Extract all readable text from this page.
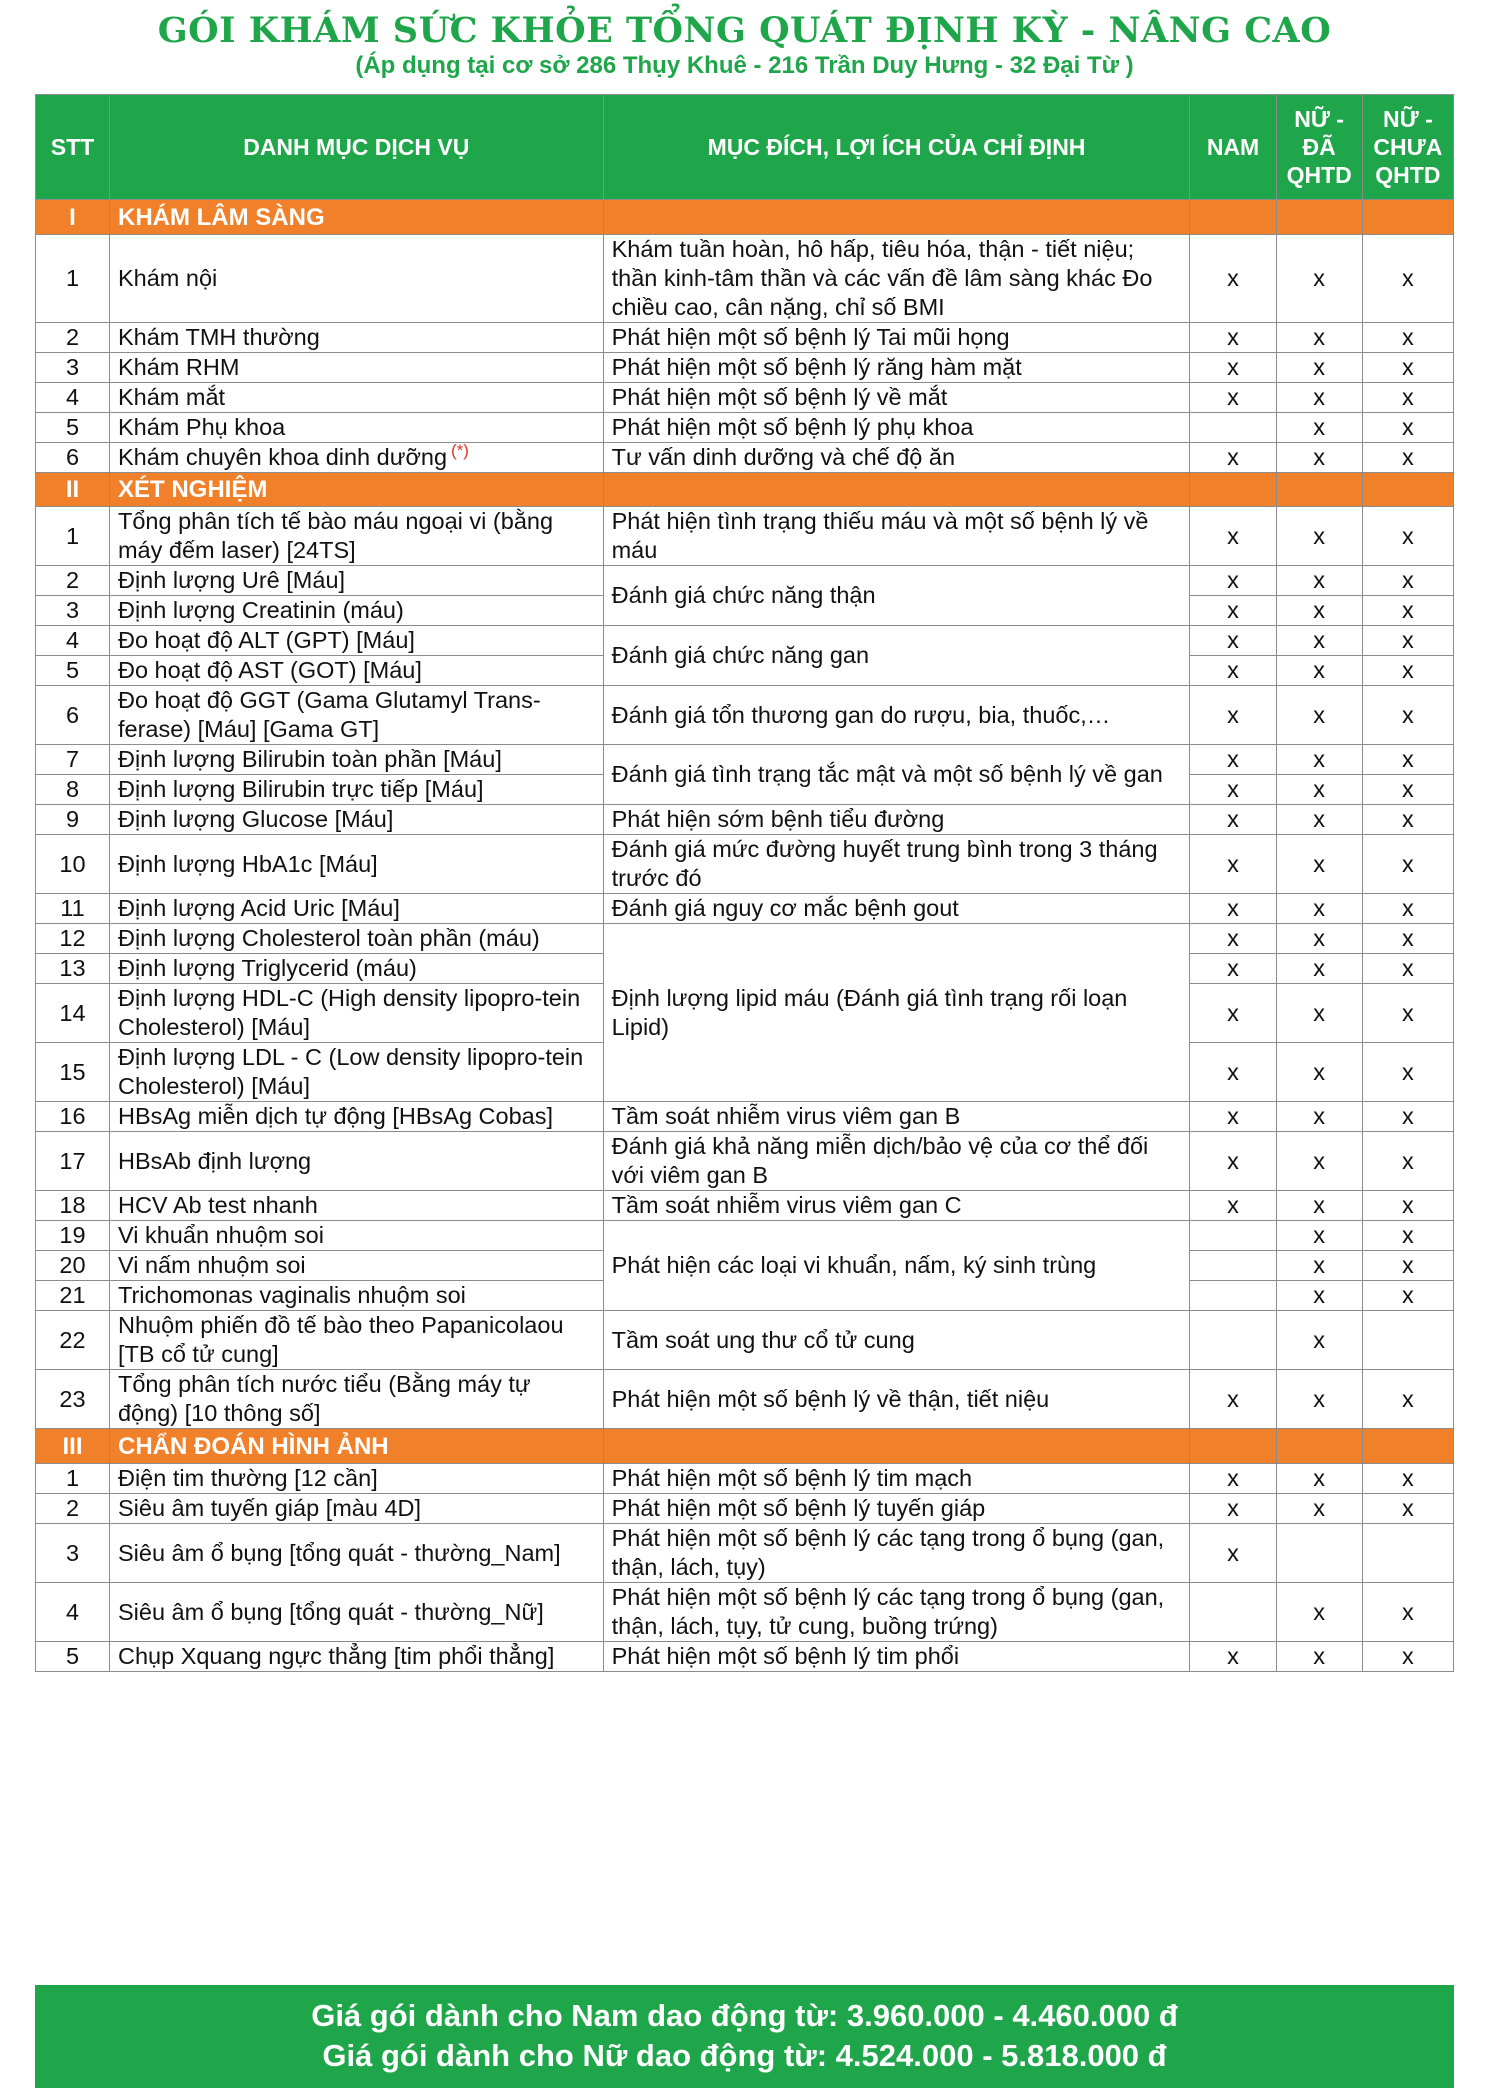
GÓI KHÁM SỨC KHỎE TỔNG QUÁT ĐỊNH KỲ - NÂNG CAO
(Áp dụng tại cơ sở 286 Thụy Khuê - 216 Trần Duy Hưng - 32 Đại Từ )
STT	DANH MỤC DỊCH VỤ	MỤC ĐÍCH, LỢI ÍCH CỦA CHỈ ĐỊNH	NAM	NỮ - ĐÃ QHTD	NỮ - CHƯA QHTD
I	KHÁM LÂM SÀNG				
1	Khám nội	Khám tuần hoàn, hô hấp, tiêu hóa, thận - tiết niệu; thần kinh-tâm thần và các vấn đề lâm sàng khác Đo chiều cao, cân nặng, chỉ số BMI	x	x	x
2	Khám TMH thường	Phát hiện một số bệnh lý Tai mũi họng	x	x	x
3	Khám RHM	Phát hiện một số bệnh lý răng hàm mặt	x	x	x
4	Khám mắt	Phát hiện một số bệnh lý về mắt	x	x	x
5	Khám Phụ khoa	Phát hiện một số bệnh lý phụ khoa		x	x
6	Khám chuyên khoa dinh dưỡng (*)	Tư vấn dinh dưỡng và chế độ ăn	x	x	x
II	XÉT NGHIỆM				
1	Tổng phân tích tế bào máu ngoại vi (bằng máy đếm laser) [24TS]	Phát hiện tình trạng thiếu máu và một số bệnh lý về máu	x	x	x
2	Định lượng Urê [Máu]	Đánh giá chức năng thận	x	x	x
3	Định lượng Creatinin (máu)		x	x	x
4	Đo hoạt độ ALT (GPT) [Máu]	Đánh giá chức năng gan	x	x	x
5	Đo hoạt độ AST (GOT) [Máu]		x	x	x
6	Đo hoạt độ GGT (Gama Glutamyl Trans-ferase) [Máu] [Gama GT]	Đánh giá tổn thương gan do rượu, bia, thuốc,…	x	x	x
7	Định lượng Bilirubin toàn phần [Máu]	Đánh giá tình trạng tắc mật và một số bệnh lý về gan	x	x	x
8	Định lượng Bilirubin trực tiếp [Máu]		x	x	x
9	Định lượng Glucose [Máu]	Phát hiện sớm bệnh tiểu đường	x	x	x
10	Định lượng HbA1c [Máu]	Đánh giá mức đường huyết trung bình trong 3 tháng trước đó	x	x	x
11	Định lượng Acid Uric [Máu]	Đánh giá nguy cơ mắc bệnh gout	x	x	x
12	Định lượng Cholesterol toàn phần (máu)	Định lượng lipid máu (Đánh giá tình trạng rối loạn Lipid)	x	x	x
13	Định lượng Triglycerid (máu)		x	x	x
14	Định lượng HDL-C (High density lipopro-tein Cholesterol) [Máu]		x	x	x
15	Định lượng LDL - C (Low density lipopro-tein Cholesterol) [Máu]		x	x	x
16	HBsAg miễn dịch tự động [HBsAg Cobas]	Tầm soát nhiễm virus viêm gan B	x	x	x
17	HBsAb định lượng	Đánh giá khả năng miễn dịch/bảo vệ của cơ thể đối với viêm gan B	x	x	x
18	HCV Ab test nhanh	Tầm soát nhiễm virus viêm gan C	x	x	x
19	Vi khuẩn nhuộm soi	Phát hiện các loại vi khuẩn, nấm, ký sinh trùng		x	x
20	Vi nấm nhuộm soi			x	x
21	Trichomonas vaginalis nhuộm soi			x	x
22	Nhuộm phiến đồ tế bào theo Papanicolaou [TB cổ tử cung]	Tầm soát ung thư cổ tử cung		x	
23	Tổng phân tích nước tiểu (Bằng máy tự động) [10 thông số]	Phát hiện một số bệnh lý về thận, tiết niệu	x	x	x
III	CHẨN ĐOÁN HÌNH ẢNH				
1	Điện tim thường [12 cần]	Phát hiện một số bệnh lý tim mạch	x	x	x
2	Siêu âm tuyến giáp [màu 4D]	Phát hiện một số bệnh lý tuyến giáp	x	x	x
3	Siêu âm ổ bụng [tổng quát - thường_Nam]	Phát hiện một số bệnh lý các tạng trong ổ bụng (gan, thận, lách, tụy)	x		
4	Siêu âm ổ bụng [tổng quát - thường_Nữ]	Phát hiện một số bệnh lý các tạng trong ổ bụng (gan, thận, lách, tụy, tử cung, buồng trứng)		x	x
5	Chụp Xquang ngực thẳng [tim phổi thẳng]	Phát hiện một số bệnh lý tim phổi	x	x	x
Giá gói dành cho Nam dao động từ: 3.960.000 - 4.460.000 đ
Giá gói dành cho Nữ dao động từ: 4.524.000 - 5.818.000 đ
